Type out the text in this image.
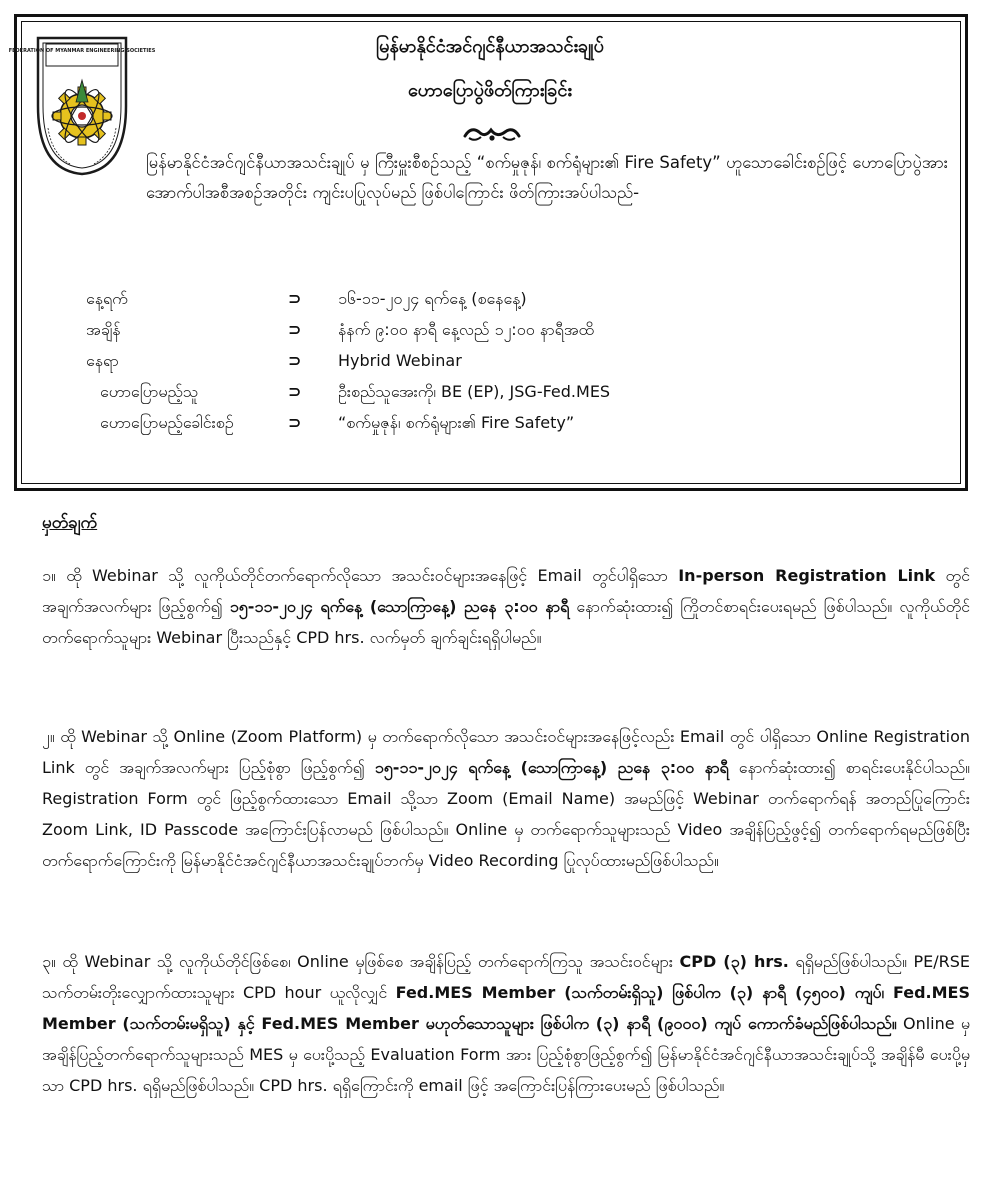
FEDERATION OF MYANMAR ENGINEERING SOCIETIES	မြန်မာနိုင်ငံအင်ဂျင်နီယာအသင်းချုပ်
ဟောပြောပွဲဖိတ်ကြားခြင်း
မြန်မာနိုင်ငံအင်ဂျင်နီယာအသင်းချုပ် မှ ကြီးမှူးစီစဉ်သည့် “စက်မှုဇုန်၊ စက်ရုံများ၏ Fire Safety” ဟူသောခေါင်းစဉ်ဖြင့် ဟောပြောပွဲအား အောက်ပါအစီအစဉ်အတိုင်း ကျင်းပပြုလုပ်မည် ဖြစ်ပါကြောင်း ဖိတ်ကြားအပ်ပါသည်-
နေ့ရက်	⊃ ၁၆-၁၁-၂၀၂၄ ရက်နေ့ (စနေနေ့)
အချိန်	⊃ နံနက် ၉:၀၀ နာရီ နေ့လည် ၁၂:၀၀ နာရီအထိ
နေရာ	⊃ Hybrid Webinar
ဟောပြောမည့်သူ	⊃ ဦးစည်သူအေးကို၊ BE (EP), JSG-Fed.MES
ဟောပြောမည့်ခေါင်းစဉ်	⊃ “စက်မှုဇုန်၊ စက်ရုံများ၏ Fire Safety”
မှတ်ချက်
၁။ ထို Webinar သို့ လူကိုယ်တိုင်တက်ရောက်လိုသော အသင်းဝင်များအနေဖြင့် Email တွင်ပါရှိသော In-person Registration Link တွင် အချက်အလက်များ ဖြည့်စွက်၍ ၁၅-၁၁-၂၀၂၄ ရက်နေ့ (သောကြာနေ့) ညနေ ၃:၀၀ နာရီ နောက်ဆုံးထား၍ ကြိုတင်စာရင်းပေးရမည် ဖြစ်ပါသည်။ လူကိုယ်တိုင် တက်ရောက်သူများ Webinar ပြီးသည်နှင့် CPD hrs. လက်မှတ် ချက်ချင်းရရှိပါမည်။
၂။ ထို Webinar သို့ Online (Zoom Platform) မှ တက်ရောက်လိုသော အသင်းဝင်များအနေဖြင့်လည်း Email တွင် ပါရှိသော Online Registration Link တွင် အချက်အလက်များ ပြည့်စုံစွာ ဖြည့်စွက်၍ ၁၅-၁၁-၂၀၂၄ ရက်နေ့ (သောကြာနေ့) ညနေ ၃:၀၀ နာရီ နောက်ဆုံးထား၍ စာရင်းပေးနိုင်ပါသည်။ Registration Form တွင် ဖြည့်စွက်ထားသော Email သို့သာ Zoom (Email Name) အမည်ဖြင့် Webinar တက်ရောက်ရန် အတည်ပြုကြောင်း Zoom Link, ID Passcode အကြောင်းပြန်လာမည် ဖြစ်ပါသည်။ Online မှ တက်ရောက်သူများသည် Video အချိန်ပြည့်ဖွင့်၍ တက်ရောက်ရမည်ဖြစ်ပြီး တက်ရောက်ကြောင်းကို မြန်မာနိုင်ငံအင်ဂျင်နီယာအသင်းချုပ်ဘက်မှ Video Recording ပြုလုပ်ထားမည်ဖြစ်ပါသည်။
၃။ ထို Webinar သို့ လူကိုယ်တိုင်ဖြစ်စေ၊ Online မှဖြစ်စေ အချိန်ပြည့် တက်ရောက်ကြသူ အသင်းဝင်များ CPD (၃) hrs. ရရှိမည်ဖြစ်ပါသည်။ PE/RSE သက်တမ်းတိုးလျှောက်ထားသူများ CPD hour ယူလိုလျှင် Fed.MES Member (သက်တမ်းရှိသူ) ဖြစ်ပါက (၃) နာရီ (၄၅၀၀) ကျပ်၊ Fed.MES Member (သက်တမ်းမရှိသူ) နှင့် Fed.MES Member မဟုတ်သောသူများ ဖြစ်ပါက (၃) နာရီ (၉၀၀၀) ကျပ် ကောက်ခံမည်ဖြစ်ပါသည်။ Online မှ အချိန်ပြည့်တက်ရောက်သူများသည် MES မှ ပေးပို့သည့် Evaluation Form အား ပြည့်စုံစွာဖြည့်စွက်၍ မြန်မာနိုင်ငံအင်ဂျင်နီယာအသင်းချုပ်သို့ အချိန်မီ ပေးပို့မှသာ CPD hrs. ရရှိမည်ဖြစ်ပါသည်။ CPD hrs. ရရှိကြောင်းကို email ဖြင့် အကြောင်းပြန်ကြားပေးမည် ဖြစ်ပါသည်။
